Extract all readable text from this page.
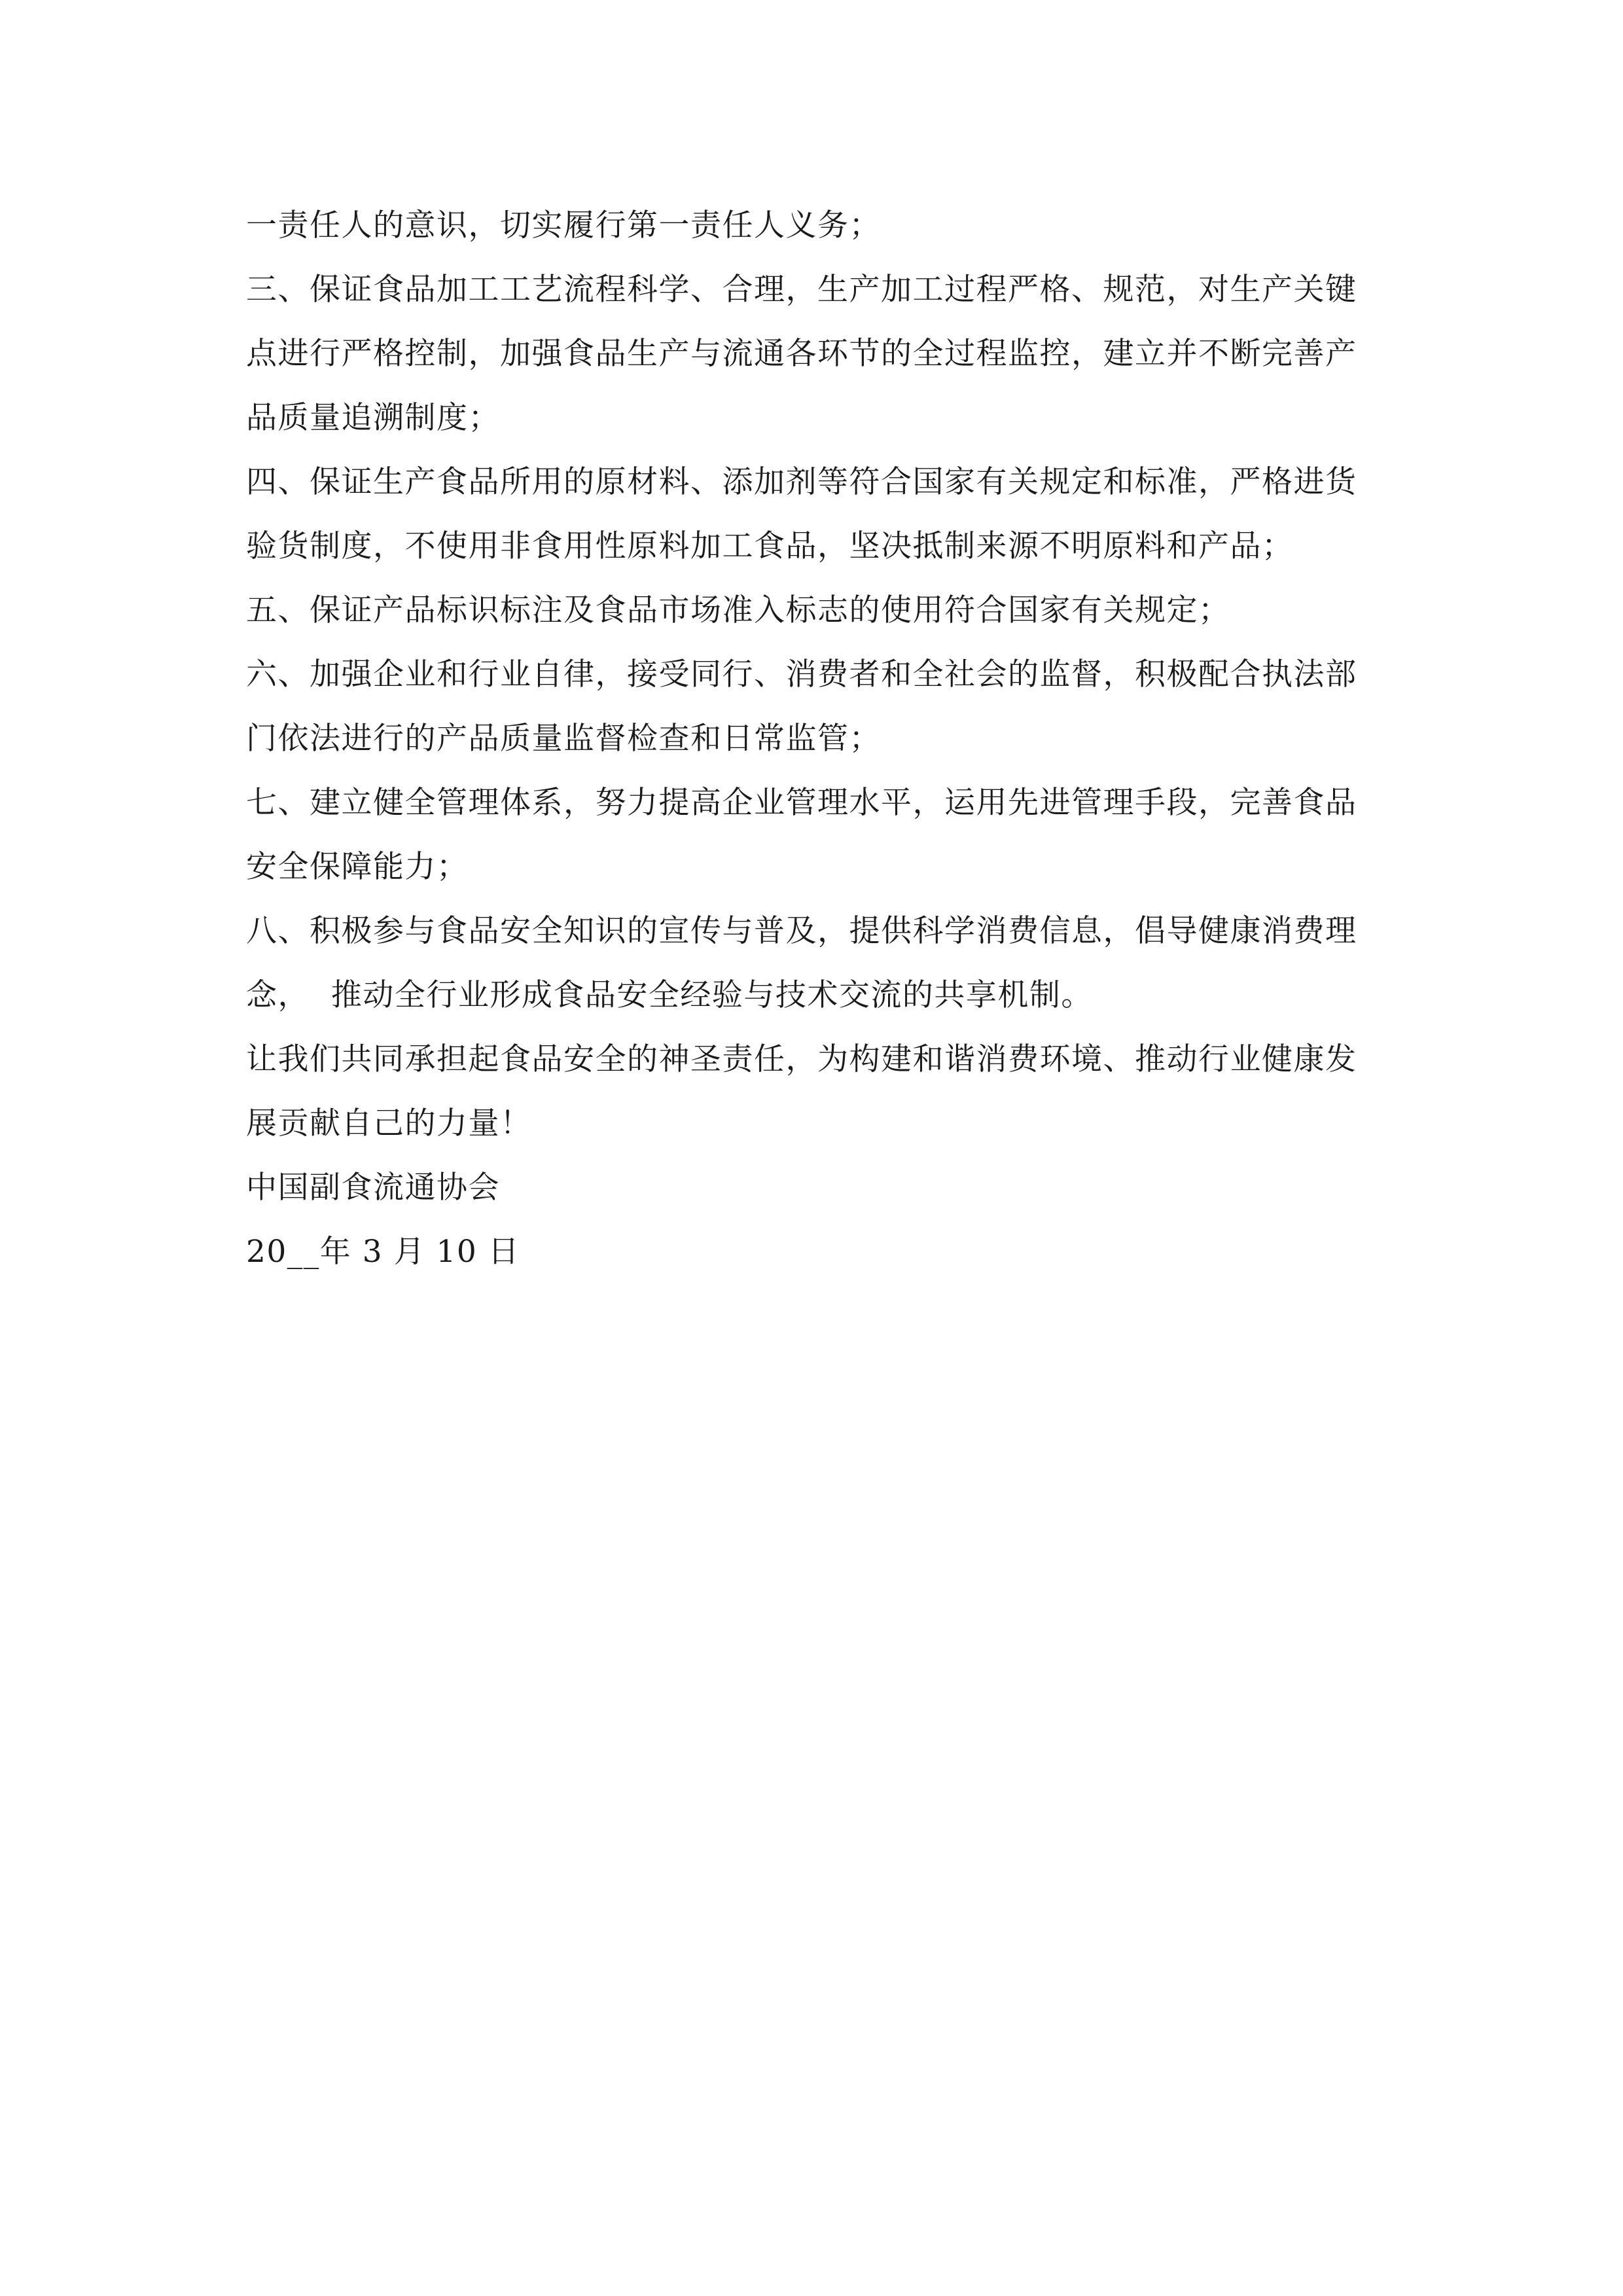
一责任人的意识，切实履行第一责任人义务；
三、保证食品加工工艺流程科学、合理，生产加工过程严格、规范，对生产关键
点进行严格控制，加强食品生产与流通各环节的全过程监控，建立并不断完善产
品质量追溯制度；
四、保证生产食品所用的原材料、添加剂等符合国家有关规定和标准，严格进货
验货制度，不使用非食用性原料加工食品，坚决抵制来源不明原料和产品；
五、保证产品标识标注及食品市场准入标志的使用符合国家有关规定；
六、加强企业和行业自律，接受同行、消费者和全社会的监督，积极配合执法部
门依法进行的产品质量监督检查和日常监管；
七、建立健全管理体系，努力提高企业管理水平，运用先进管理手段，完善食品
安全保障能力；
八、积极参与食品安全知识的宣传与普及，提供科学消费信息，倡导健康消费理
念，  推动全行业形成食品安全经验与技术交流的共享机制。
让我们共同承担起食品安全的神圣责任，为构建和谐消费环境、推动行业健康发
展贡献自己的力量！
中国副食流通协会
20__年 3 月 10 日
